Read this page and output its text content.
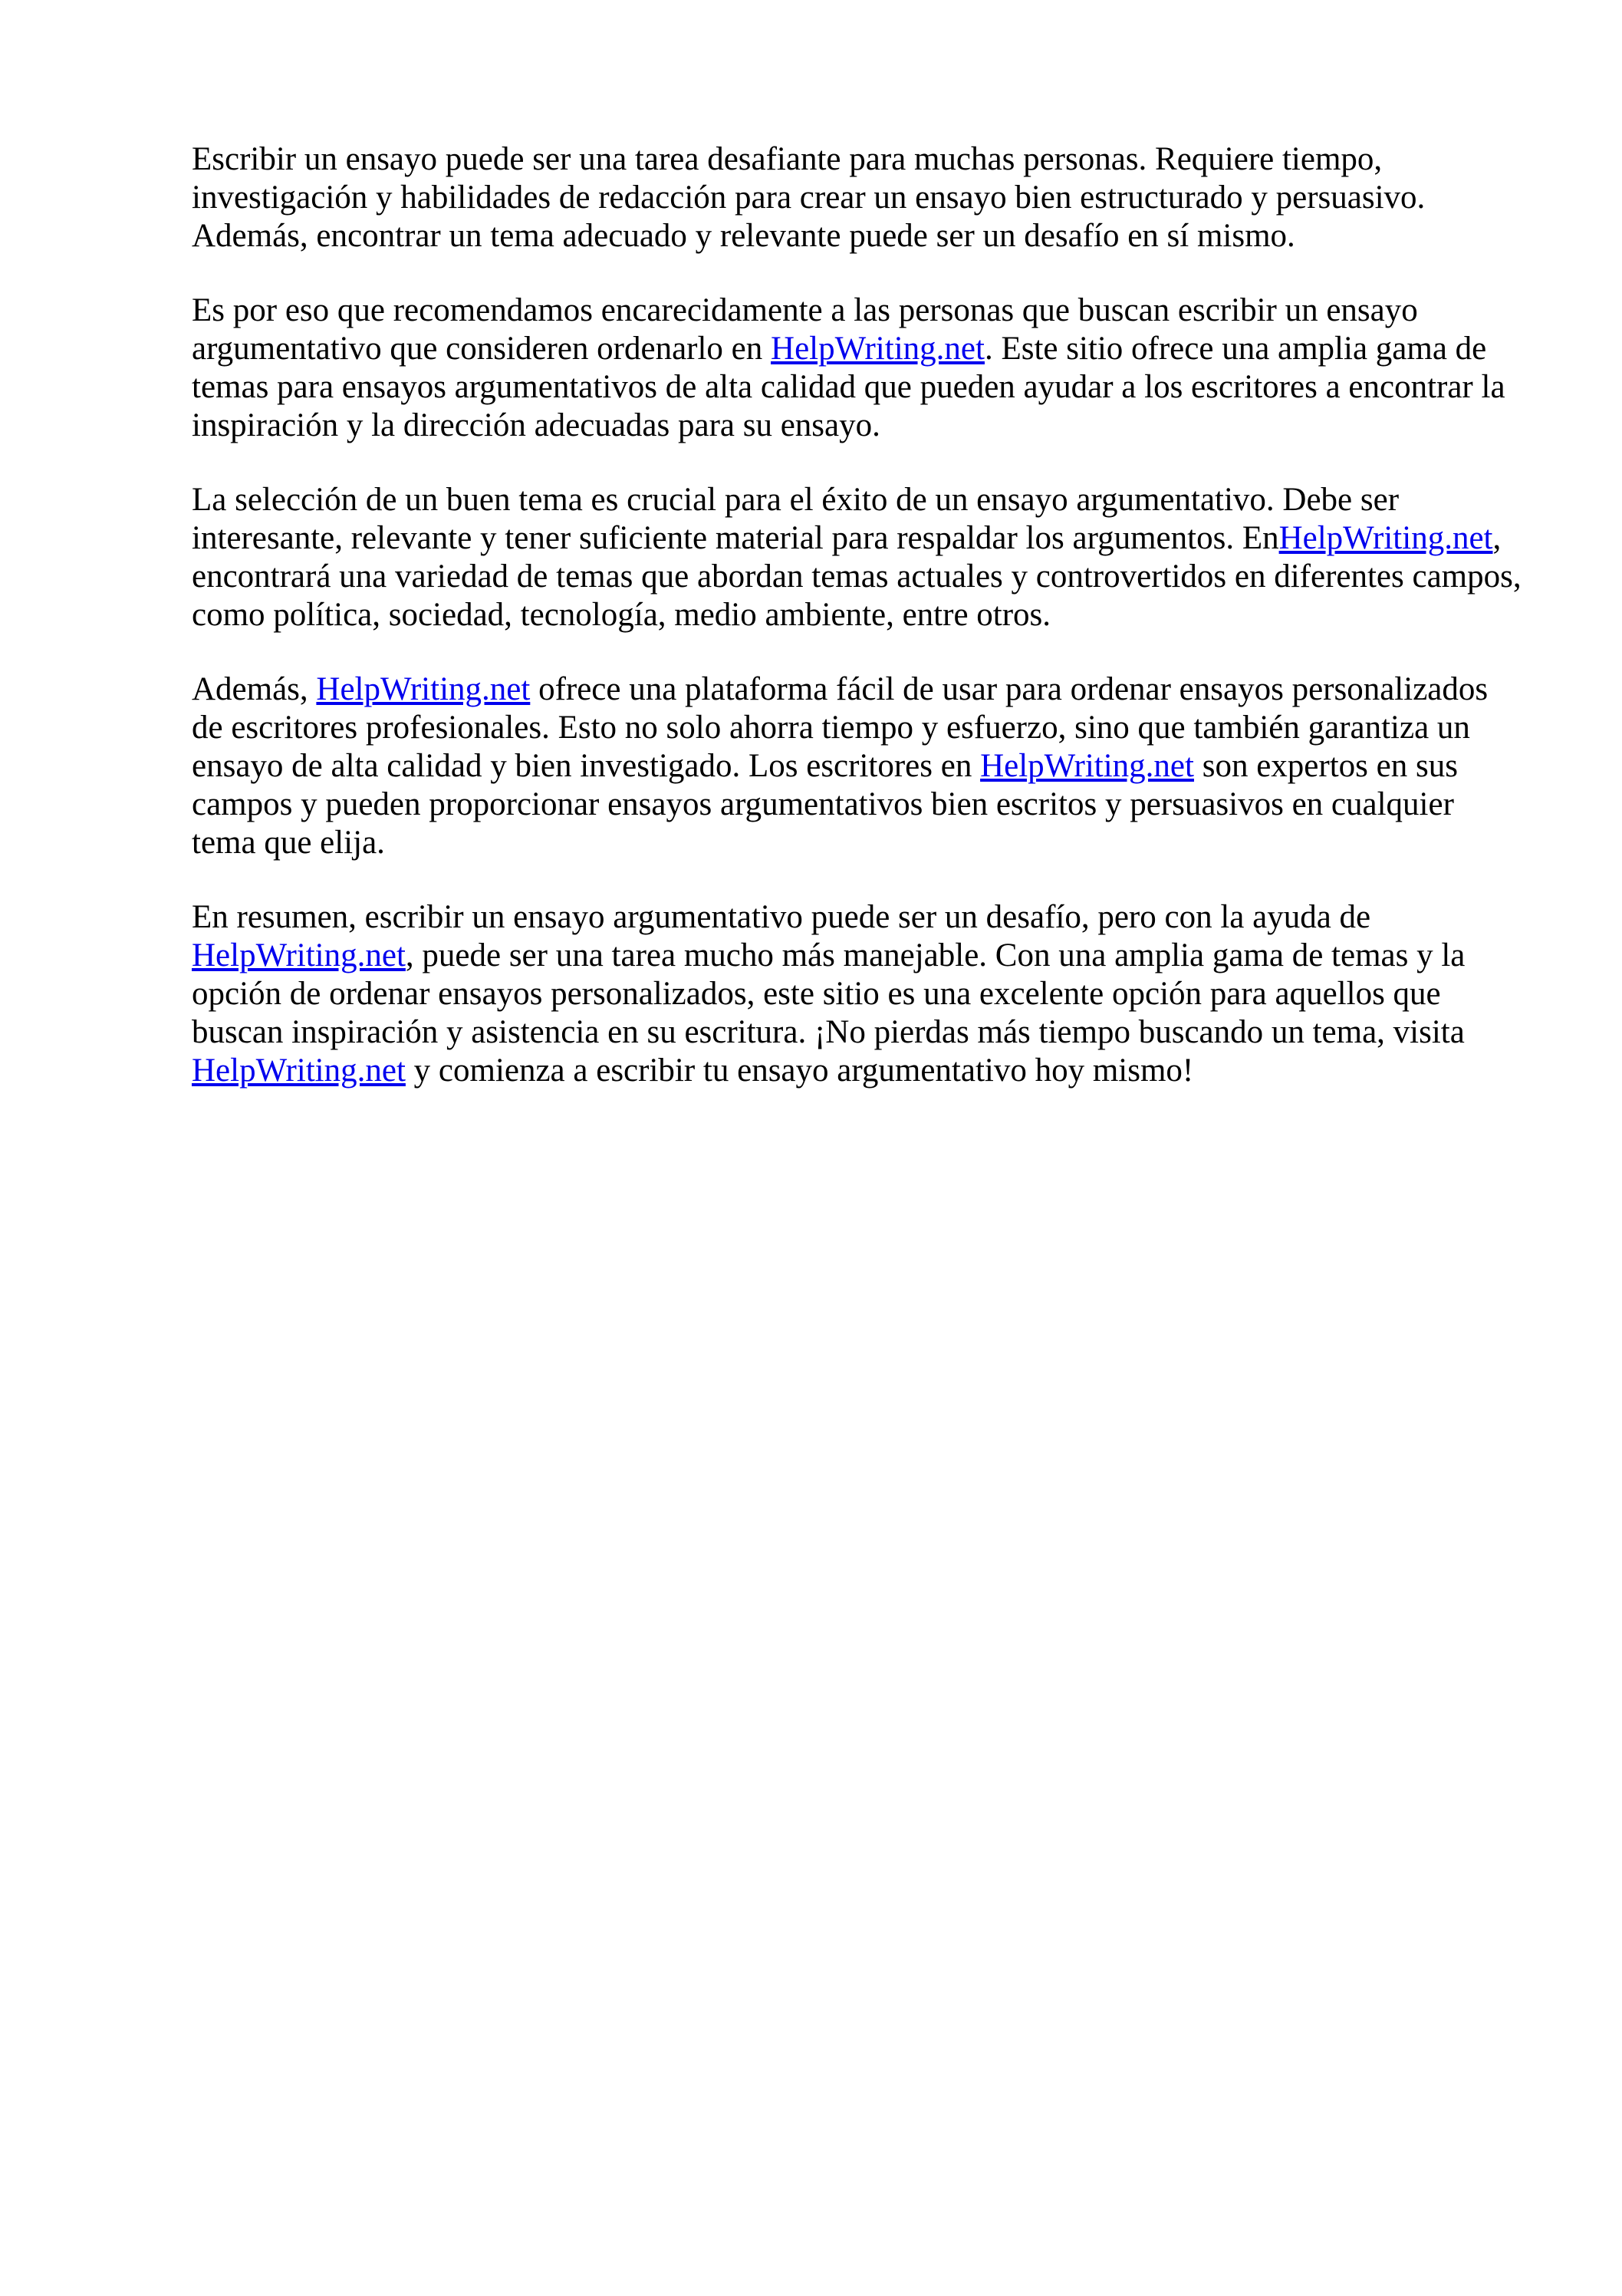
Escribir un ensayo puede ser una tarea desafiante para muchas personas. Requiere tiempo, investigación y habilidades de redacción para crear un ensayo bien estructurado y persuasivo. Además, encontrar un tema adecuado y relevante puede ser un desafío en sí mismo.

Es por eso que recomendamos encarecidamente a las personas que buscan escribir un ensayo argumentativo que consideren ordenarlo en HelpWriting.net. Este sitio ofrece una amplia gama de temas para ensayos argumentativos de alta calidad que pueden ayudar a los escritores a encontrar la inspiración y la dirección adecuadas para su ensayo.

La selección de un buen tema es crucial para el éxito de un ensayo argumentativo. Debe ser interesante, relevante y tener suficiente material para respaldar los argumentos. EnHelpWriting.net, encontrará una variedad de temas que abordan temas actuales y controvertidos en diferentes campos, como política, sociedad, tecnología, medio ambiente, entre otros.

Además, HelpWriting.net ofrece una plataforma fácil de usar para ordenar ensayos personalizados de escritores profesionales. Esto no solo ahorra tiempo y esfuerzo, sino que también garantiza un ensayo de alta calidad y bien investigado. Los escritores en HelpWriting.net son expertos en sus campos y pueden proporcionar ensayos argumentativos bien escritos y persuasivos en cualquier tema que elija.

En resumen, escribir un ensayo argumentativo puede ser un desafío, pero con la ayuda de HelpWriting.net, puede ser una tarea mucho más manejable. Con una amplia gama de temas y la opción de ordenar ensayos personalizados, este sitio es una excelente opción para aquellos que buscan inspiración y asistencia en su escritura. ¡No pierdas más tiempo buscando un tema, visita HelpWriting.net y comienza a escribir tu ensayo argumentativo hoy mismo!
